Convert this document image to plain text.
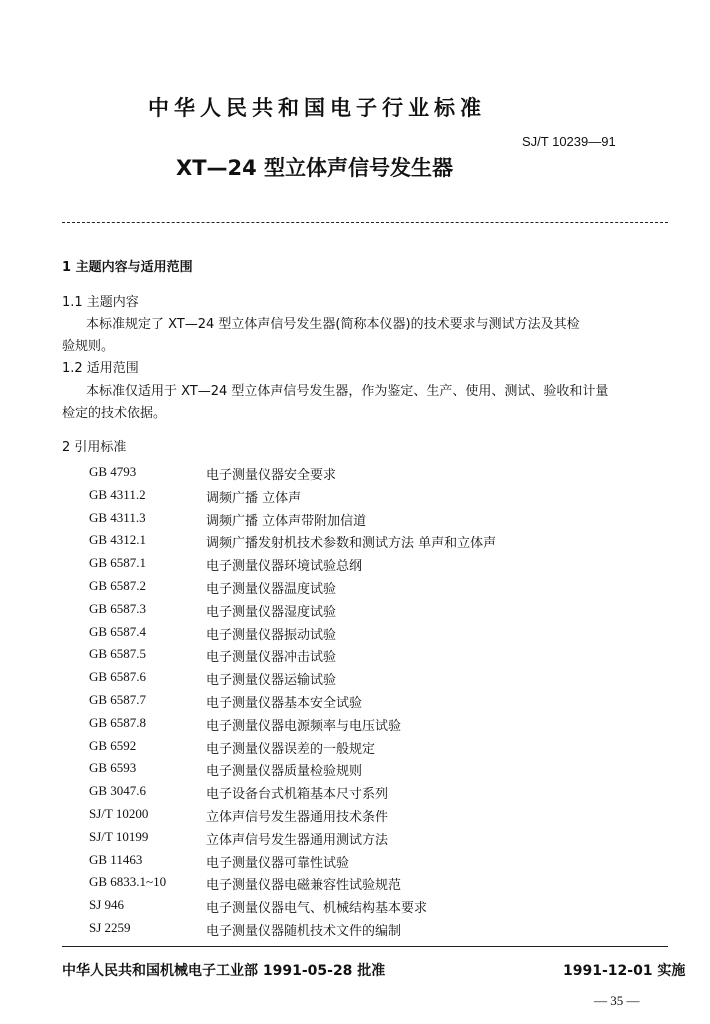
中华人民共和国电子行业标准
SJ/T 10239—91
XT—24 型立体声信号发生器
1 主题内容与适用范围
1.1 主题内容
本标准规定了 XT—24 型立体声信号发生器(简称本仪器)的技术要求与测试方法及其检
验规则。
1.2 适用范围
本标准仅适用于 XT—24 型立体声信号发生器，作为鉴定、生产、使用、测试、验收和计量
检定的技术依据。
2 引用标准
GB 4793	电子测量仪器安全要求
GB 4311.2	调频广播 立体声
GB 4311.3	调频广播 立体声带附加信道
GB 4312.1	调频广播发射机技术参数和测试方法 单声和立体声
GB 6587.1	电子测量仪器环境试验总纲
GB 6587.2	电子测量仪器温度试验
GB 6587.3	电子测量仪器湿度试验
GB 6587.4	电子测量仪器振动试验
GB 6587.5	电子测量仪器冲击试验
GB 6587.6	电子测量仪器运输试验
GB 6587.7	电子测量仪器基本安全试验
GB 6587.8	电子测量仪器电源频率与电压试验
GB 6592	电子测量仪器误差的一般规定
GB 6593	电子测量仪器质量检验规则
GB 3047.6	电子设备台式机箱基本尺寸系列
SJ/T 10200	立体声信号发生器通用技术条件
SJ/T 10199	立体声信号发生器通用测试方法
GB 11463	电子测量仪器可靠性试验
GB 6833.1~10	电子测量仪器电磁兼容性试验规范
SJ 946	电子测量仪器电气、机械结构基本要求
SJ 2259	电子测量仪器随机技术文件的编制
中华人民共和国机械电子工业部 1991-05-28 批准	1991-12-01 实施
— 35 —
